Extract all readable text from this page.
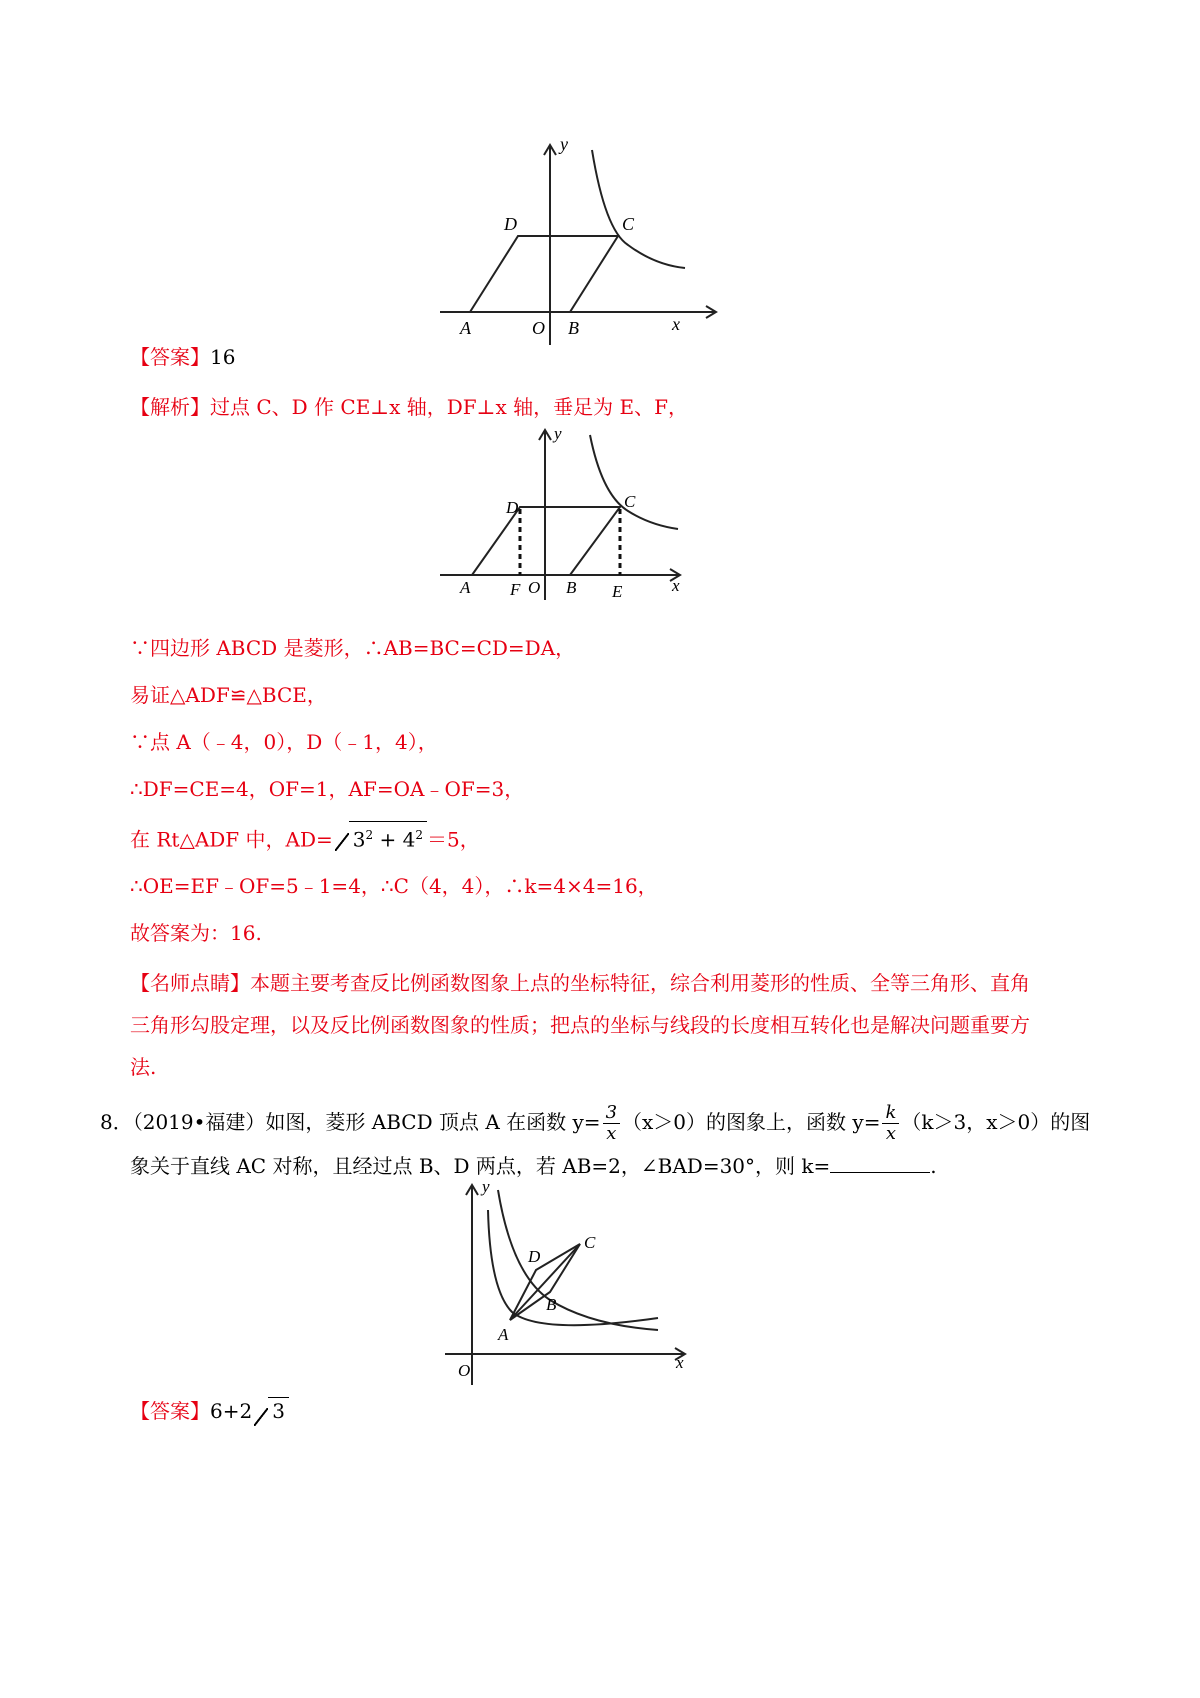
y
x
D	C
A	O B
【答案】16
【解析】过点 C、D 作 CE⊥x 轴，DF⊥x 轴，垂足为 E、F，
y
x
D	C
A F O B E
∵四边形 ABCD 是菱形，∴AB=BC=CD=DA，
易证△ADF≌△BCE，
∵点 A（﹣4，0），D（﹣1，4），
∴DF=CE=4，OF=1，AF=OA﹣OF=3，
在 Rt△ADF 中，$AD= 3^2 + 4^2 =5$，
∴OE=EF﹣OF=5﹣1=4，∴C（4，4），∴k=4×4=16，
故答案为：16.
【名师点睛】本题主要考查反比例函数图象上点的坐标特征，综合利用菱形的性质、全等三角形、直角
三角形勾股定理，以及反比例函数图象的性质；把点的坐标与线段的长度相互转化也是解决问题重要方
法.
8．（2019•福建）如图，菱形 ABCD 顶点 A 在函数 $y= \frac{3}{x} (x>0)$的图象上，函数 $y= \frac{k}{x} (k>3$，x＞0）的图
象关于直线 AC 对称，且经过点 B、D 两点，若 AB=2，∠BAD=30°，则 k=	.
y
x
O
A
B
C
D
【答案】6+2 3
